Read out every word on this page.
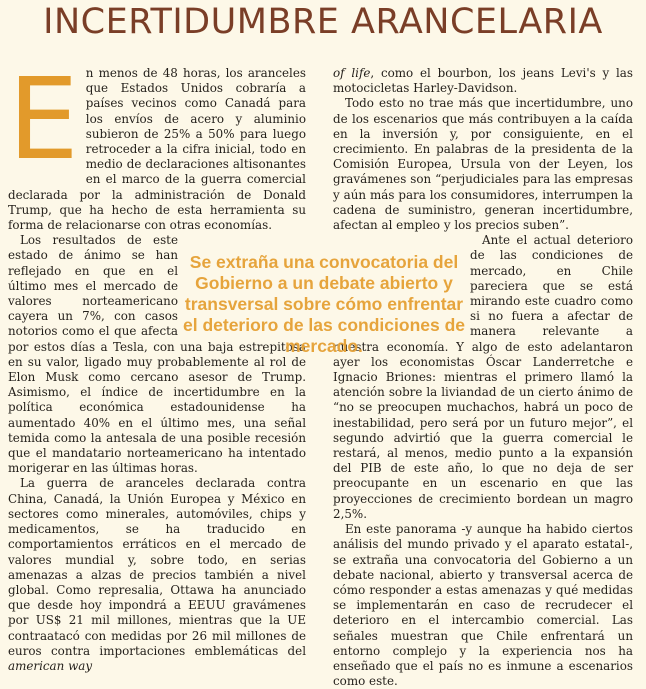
INCERTIDUMBRE ARANCELARIA

En menos de 48 horas, los aranceles que Estados Unidos cobraría a países vecinos como Canadá para los envíos de acero y aluminio subieron de 25% a 50% para luego retroceder a la cifra inicial, todo en medio de declaraciones altisonantes en el marco de la guerra comercial declarada por la administración de Donald Trump, que ha hecho de esta herramienta su forma de relacionarse con otras economías.

Los resultados de este estado de ánimo se han reflejado en que en el último mes el mercado de valores norteamericano cayera un 7%, con casos notorios como el que afecta por estos días a Tesla, con una baja estrepitosa en su valor, ligado muy probablemente al rol de Elon Musk como cercano asesor de Trump. Asimismo, el índice de incertidumbre en la política económica estadounidense ha aumentado 40% en el último mes, una señal temida como la antesala de una posible recesión que el mandatario norteamericano ha intentado morigerar en las últimas horas.

La guerra de aranceles declarada contra China, Canadá, la Unión Europea y México en sectores como minerales, automóviles, chips y medicamentos, se ha traducido en comportamientos erráticos en el mercado de valores mundial y, sobre todo, en serias amenazas a alzas de precios también a nivel global. Como represalia, Ottawa ha anunciado que desde hoy impondrá a EEUU gravámenes por US$ 21 mil millones, mientras que la UE contraatacó con medidas por 26 mil millones de euros contra importaciones emblemáticas del american way

of life, como el bourbon, los jeans Levi's y las motocicletas Harley-Davidson.

Todo esto no trae más que incertidumbre, uno de los escenarios que más contribuyen a la caída en la inversión y, por consiguiente, en el crecimiento. En palabras de la presidenta de la Comisión Europea, Ursula von der Leyen, los gravámenes son “perjudiciales para las empresas y aún más para los consumidores, interrumpen la cadena de suministro, generan incertidumbre, afectan al empleo y los precios suben”.

Ante el actual deterioro de las condiciones de mercado, en Chile pareciera que se está mirando este cuadro como si no fuera a afectar de manera relevante a nuestra economía. Y algo de esto adelantaron ayer los economistas Óscar Landerretche e Ignacio Briones: mientras el primero llamó la atención sobre la liviandad de un cierto ánimo de “no se preocupen muchachos, habrá un poco de inestabilidad, pero será por un futuro mejor”, el segundo advirtió que la guerra comercial le restará, al menos, medio punto a la expansión del PIB de este año, lo que no deja de ser preocupante en un escenario en que las proyecciones de crecimiento bordean un magro 2,5%.

En este panorama -y aunque ha habido ciertos análisis del mundo privado y el aparato estatal-, se extraña una convocatoria del Gobierno a un debate nacional, abierto y transversal acerca de cómo responder a estas amenazas y qué medidas se implementarán en caso de recrudecer el deterioro en el intercambio comercial. Las señales muestran que Chile enfrentará un entorno complejo y la experiencia nos ha enseñado que el país no es inmune a escenarios como este.

Se extraña una convocatoria del Gobierno a un debate abierto y transversal sobre cómo enfrentar el deterioro de las condiciones de mercado.
